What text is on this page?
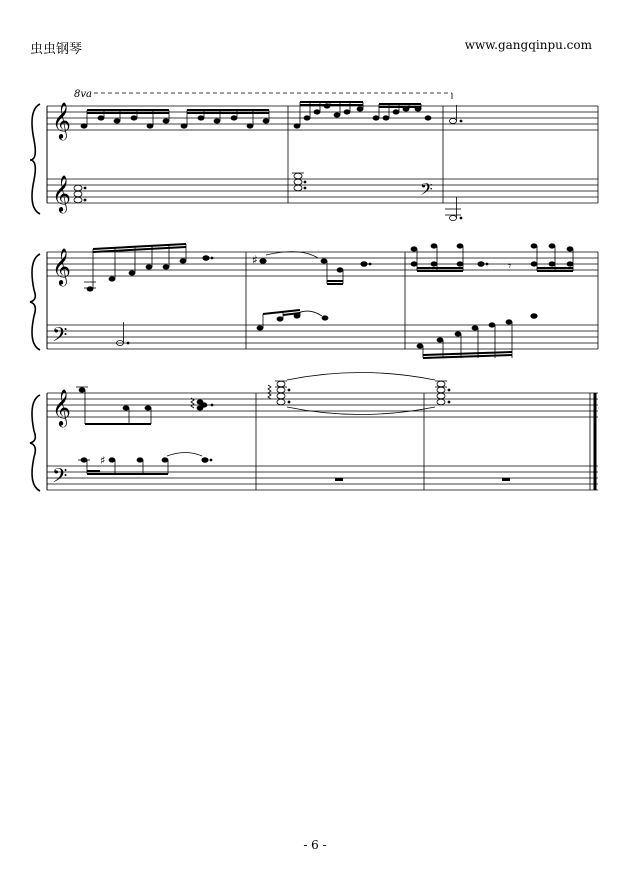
虫虫钢琴	www.gangqinpu.com
8va
𝄞
𝄞	𝄢
𝄞
𝄢
♯	𝄾
𝄞
𝄢
♯
- 6 -
